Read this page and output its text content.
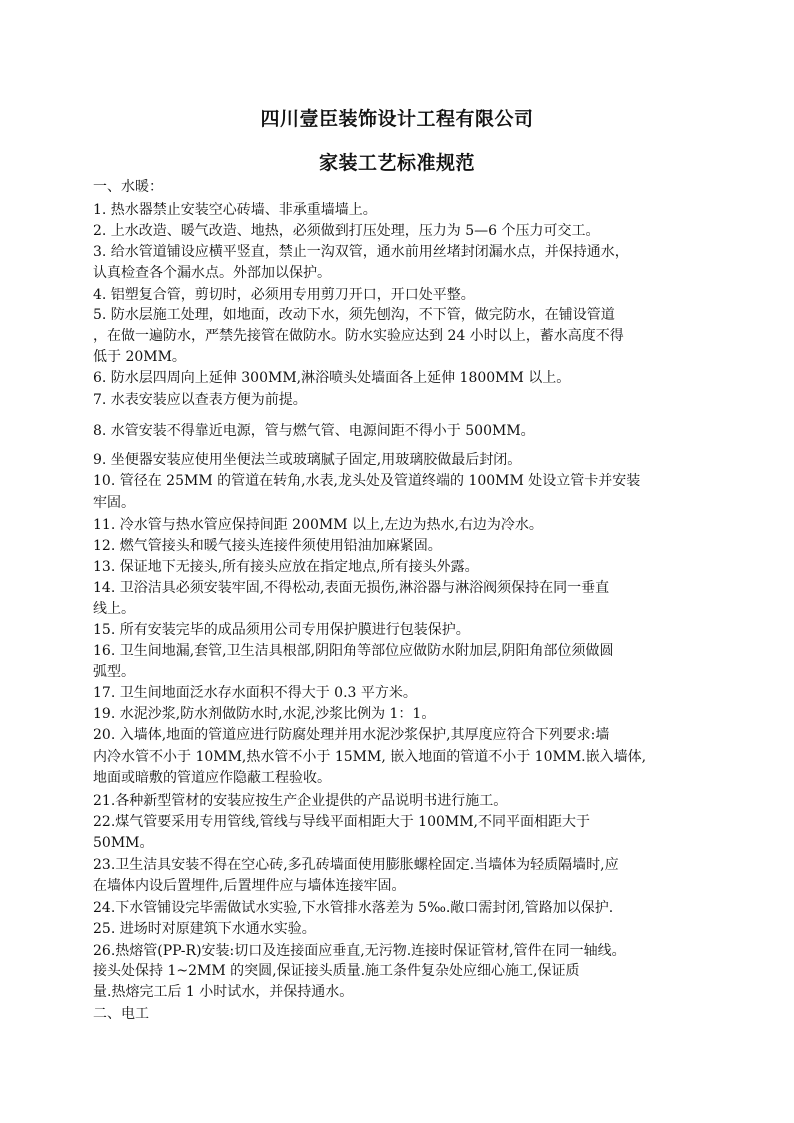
四川壹臣装饰设计工程有限公司
家装工艺标准规范
一、水暖：
1. 热水器禁止安装空心砖墙、非承重墙墙上。
2. 上水改造、暖气改造、地热，必须做到打压处理，压力为 5—6 个压力可交工。
3. 给水管道铺设应横平竖直，禁止一沟双管，通水前用丝堵封闭漏水点，并保持通水，
认真检查各个漏水点。外部加以保护。
4. 铝塑复合管，剪切时，必须用专用剪刀开口，开口处平整。
5. 防水层施工处理，如地面，改动下水，须先刨沟，不下管，做完防水，在铺设管道
，在做一遍防水，严禁先接管在做防水。防水实验应达到 24 小时以上，蓄水高度不得
低于 20MM。
6. 防水层四周向上延伸 300MM,淋浴喷头处墙面各上延伸 1800MM 以上。
7. 水表安装应以查表方便为前提。
8. 水管安装不得靠近电源，管与燃气管、电源间距不得小于 500MM。
9. 坐便器安装应使用坐便法兰或玻璃腻子固定,用玻璃胶做最后封闭。
10. 管径在 25MM 的管道在转角,水表,龙头处及管道终端的 100MM 处设立管卡并安装
牢固。
11. 冷水管与热水管应保持间距 200MM 以上,左边为热水,右边为冷水。
12. 燃气管接头和暖气接头连接件须使用铅油加麻紧固。
13. 保证地下无接头,所有接头应放在指定地点,所有接头外露。
14. 卫浴洁具必须安装牢固,不得松动,表面无损伤,淋浴器与淋浴阀须保持在同一垂直
线上。
15. 所有安装完毕的成品须用公司专用保护膜进行包装保护。
16. 卫生间地漏,套管,卫生洁具根部,阴阳角等部位应做防水附加层,阴阳角部位须做圆
弧型。
17. 卫生间地面泛水存水面积不得大于 0.3 平方米。
19. 水泥沙浆,防水剂做防水时,水泥,沙浆比例为 1：1。
20. 入墙体,地面的管道应进行防腐处理并用水泥沙浆保护,其厚度应符合下列要求:墙
内冷水管不小于 10MM,热水管不小于 15MM, 嵌入地面的管道不小于 10MM.嵌入墙体,
地面或暗敷的管道应作隐蔽工程验收。
21.各种新型管材的安装应按生产企业提供的产品说明书进行施工。
22.煤气管要采用专用管线,管线与导线平面相距大于 100MM,不同平面相距大于
50MM。
23.卫生洁具安装不得在空心砖,多孔砖墙面使用膨胀螺栓固定.当墙体为轻质隔墙时,应
在墙体内设后置埋件,后置埋件应与墙体连接牢固。
24.下水管铺设完毕需做试水实验,下水管排水落差为 5‰.敞口需封闭,管路加以保护.
25. 进场时对原建筑下水通水实验。
26.热熔管(PP-R)安装:切口及连接面应垂直,无污物.连接时保证管材,管件在同一轴线。
接头处保持 1~2MM 的突圆,保证接头质量.施工条件复杂处应细心施工,保证质
量.热熔完工后 1 小时试水，并保持通水。
二、电工
